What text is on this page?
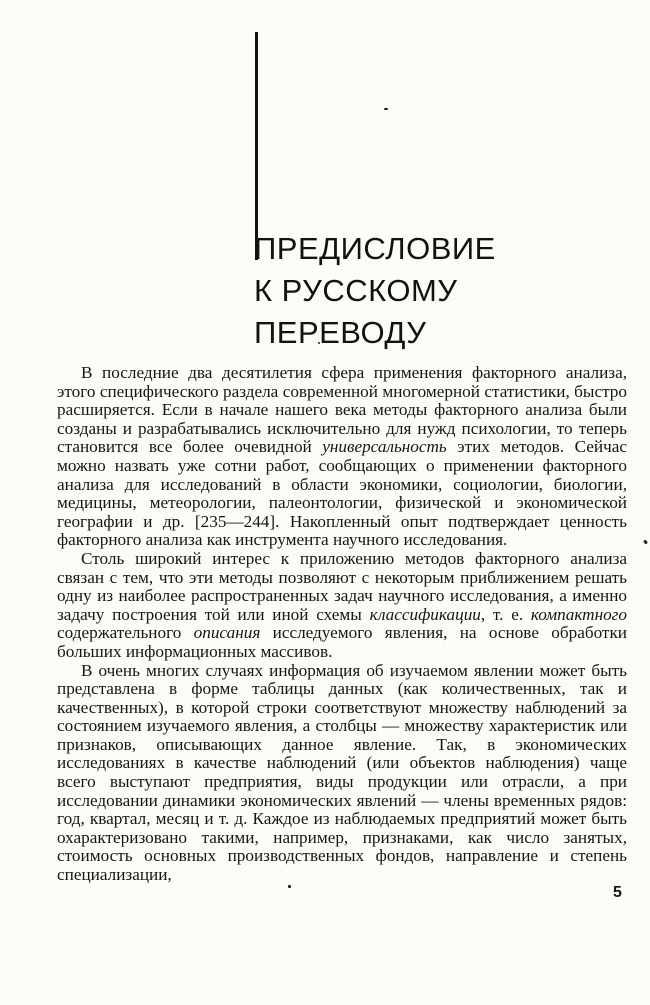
ПРЕДИСЛОВИЕ
К РУССКОМУ
ПЕРЕВОДУ

В последние два десятилетия сфера применения факторного анализа, этого специфического раздела современной многомерной статистики, быстро расширяется. Если в начале нашего века методы факторного анализа были созданы и разрабатывались исключительно для нужд психологии, то теперь становится все более очевидной универсальность этих методов. Сейчас можно назвать уже сотни работ, сообщающих о применении факторного анализа для исследований в области экономики, социологии, биологии, медицины, метеорологии, палеонтологии, физической и экономической географии и др. [235—244]. Накопленный опыт подтверждает ценность факторного анализа как инструмента научного исследования.

Столь широкий интерес к приложению методов факторного анализа связан с тем, что эти методы позволяют с некоторым приближением решать одну из наиболее распространенных задач научного исследования, а именно задачу построения той или иной схемы классификации, т. е. компактного содержательного описания исследуемого явления, на основе обработки больших информационных массивов.

В очень многих случаях информация об изучаемом явлении может быть представлена в форме таблицы данных (как количественных, так и качественных), в которой строки соответствуют множеству наблюдений за состоянием изучаемого явления, а столбцы — множеству характеристик или признаков, описывающих данное явление. Так, в экономических исследованиях в качестве наблюдений (или объектов наблюдения) чаще всего выступают предприятия, виды продукции или отрасли, а при исследовании динамики экономических явлений — члены временных рядов: год, квартал, месяц и т. д. Каждое из наблюдаемых предприятий может быть охарактеризовано такими, например, признаками, как число занятых, стоимость основных производственных фондов, направление и степень специализации,

5
